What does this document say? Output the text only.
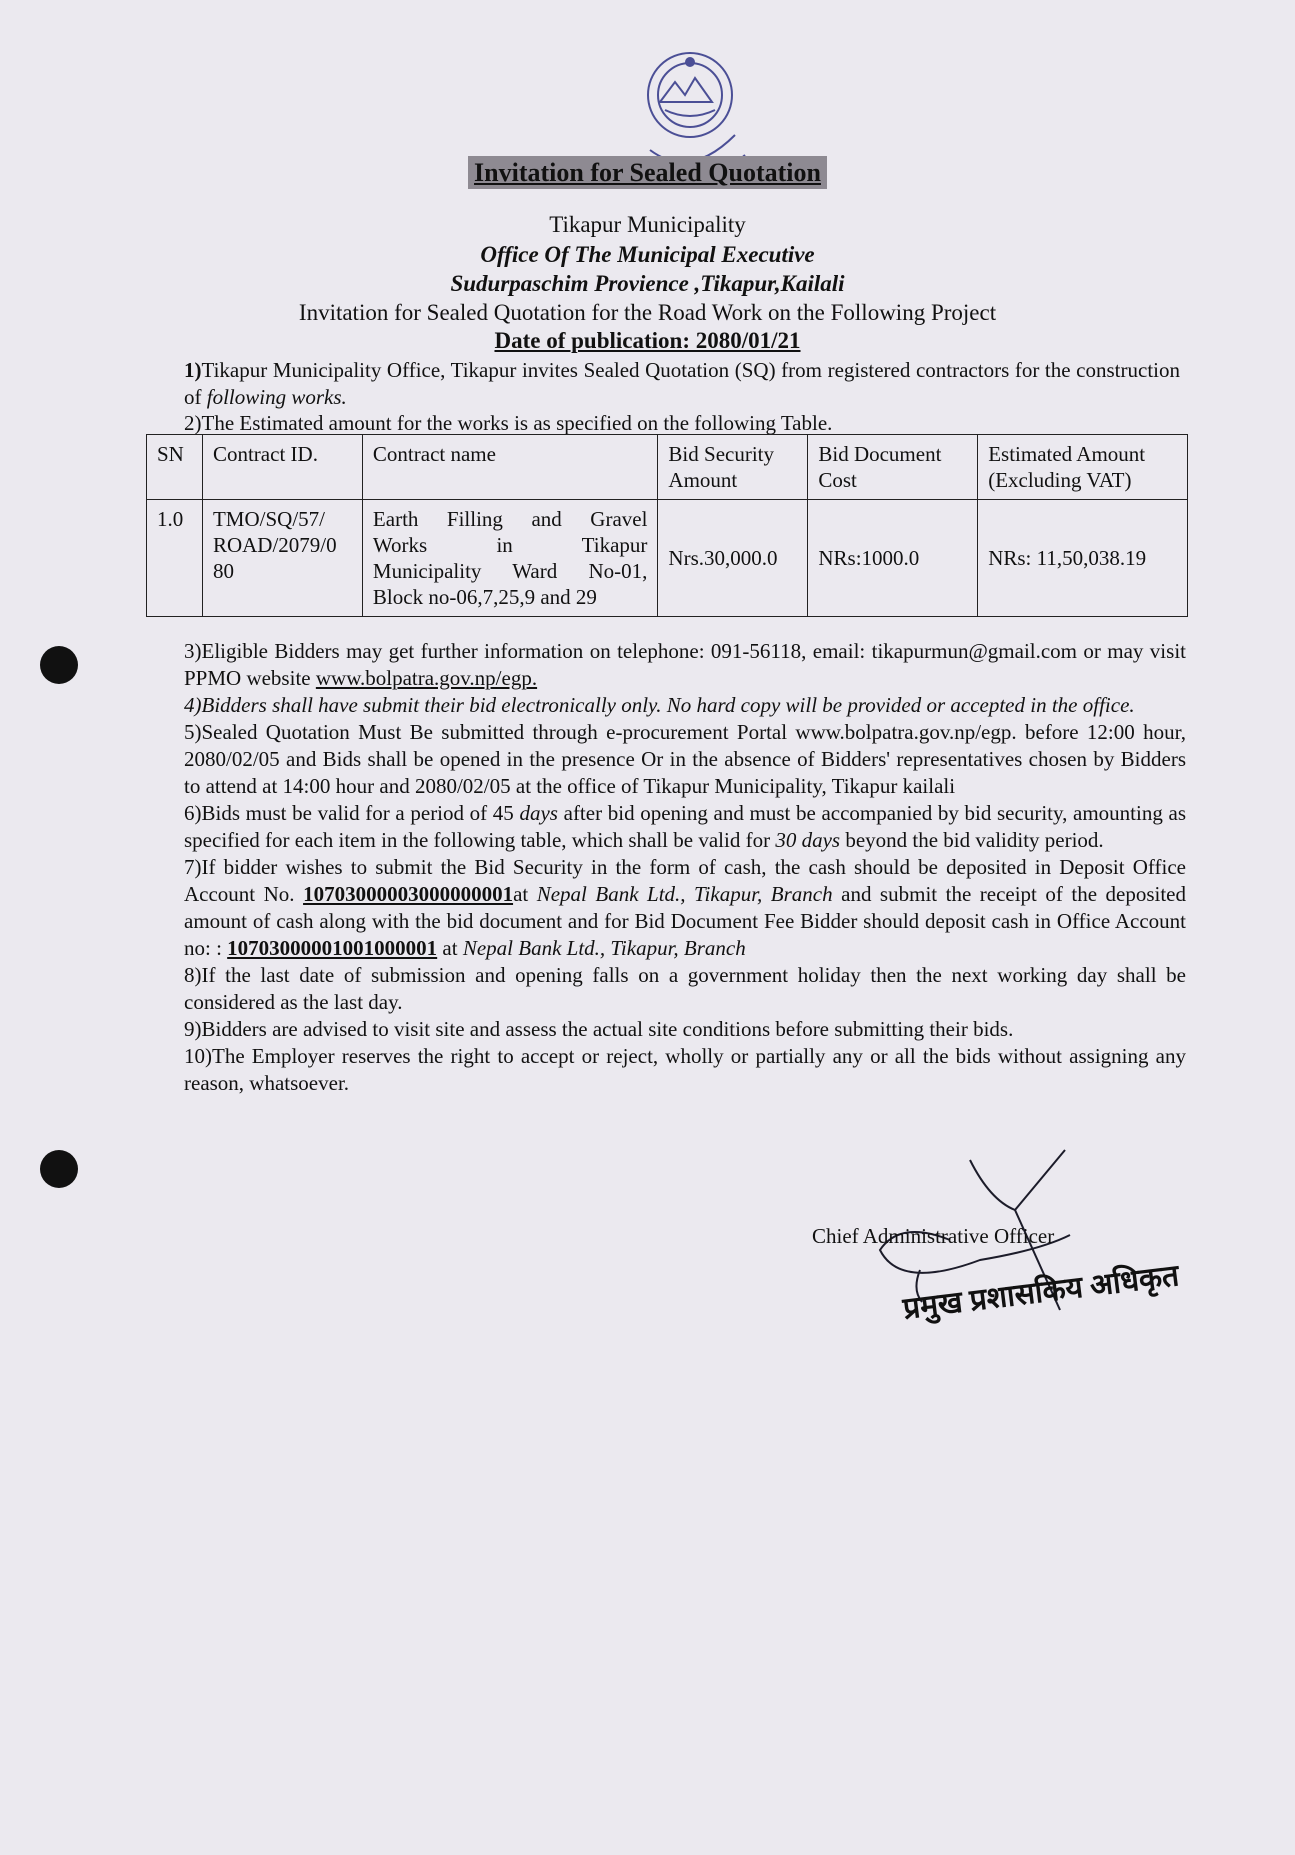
Invitation for Sealed Quotation
Tikapur Municipality
Office Of The Municipal Executive
Sudurpaschim Provience ,Tikapur,Kailali
Invitation for Sealed Quotation for the Road Work on the Following Project
Date of publication: 2080/01/21
1)Tikapur Municipality Office, Tikapur invites Sealed Quotation (SQ) from registered contractors for the construction of following works.
2)The Estimated amount for the works is as specified on the following Table.
SN	Contract ID.	Contract name	Bid Security Amount	Bid Document Cost	Estimated Amount (Excluding VAT)
1.0	TMO/SQ/57/ ROAD/2079/0 80	Earth Filling and Gravel
Works in Tikapur
Municipality Ward No-01,
Block no-06,7,25,9 and 29	Nrs.30,000.0	NRs:1000.0	NRs: 11,50,038.19

3)Eligible Bidders may get further information on telephone: 091-56118, email: tikapurmun@gmail.com or may visit PPMO website www.bolpatra.gov.np/egp.

4)Bidders shall have submit their bid electronically only. No hard copy will be provided or accepted in the office.

5)Sealed Quotation Must Be submitted through e-procurement Portal www.bolpatra.gov.np/egp. before 12:00 hour, 2080/02/05 and Bids shall be opened in the presence Or in the absence of Bidders' representatives chosen by Bidders to attend at 14:00 hour and 2080/02/05 at the office of Tikapur Municipality, Tikapur kailali

6)Bids must be valid for a period of 45 days after bid opening and must be accompanied by bid security, amounting as specified for each item in the following table, which shall be valid for 30 days beyond the bid validity period.

7)If bidder wishes to submit the Bid Security in the form of cash, the cash should be deposited in Deposit Office Account No. 10703000003000000001at Nepal Bank Ltd., Tikapur, Branch and submit the receipt of the deposited amount of cash along with the bid document and for Bid Document Fee Bidder should deposit cash in Office Account no: : 10703000001001000001 at Nepal Bank Ltd., Tikapur, Branch

8)If the last date of submission and opening falls on a government holiday then the next working day shall be considered as the last day.

9)Bidders are advised to visit site and assess the actual site conditions before submitting their bids.

10)The Employer reserves the right to accept or reject, wholly or partially any or all the bids without assigning any reason, whatsoever.

Chief Administrative Officer
प्रमुख प्रशासकिय अधिकृत
